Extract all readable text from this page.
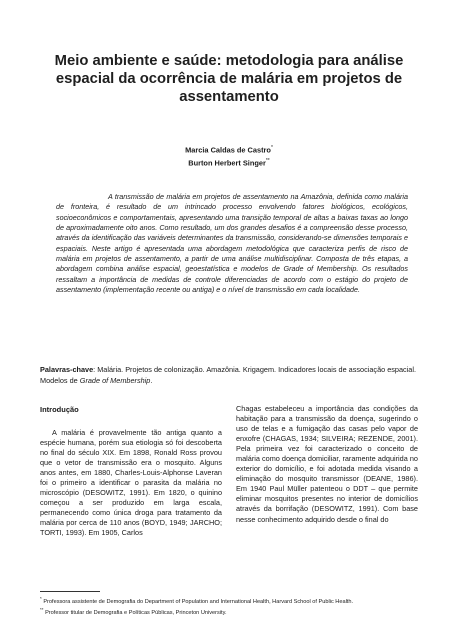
Meio ambiente e saúde: metodologia para análise espacial da ocorrência de malária em projetos de assentamento
Marcia Caldas de Castro*
Burton Herbert Singer**

A transmissão de malária em projetos de assentamento na Amazônia, definida como malária de fronteira, é resultado de um intrincado processo envolvendo fatores biológicos, ecológicos, socioeconômicos e comportamentais, apresentando uma transição temporal de altas a baixas taxas ao longo de aproximadamente oito anos. Como resultado, um dos grandes desafios é a compreensão desse processo, através da identificação das variáveis determinantes da transmissão, considerando-se dimensões temporais e espaciais. Neste artigo é apresentada uma abordagem metodológica que caracteriza perfis de risco de malária em projetos de assentamento, a partir de uma análise multidisciplinar. Composta de três etapas, a abordagem combina análise espacial, geoestatística e modelos de Grade of Membership. Os resultados ressaltam a importância de medidas de controle diferenciadas de acordo com o estágio do projeto de assentamento (implementação recente ou antiga) e o nível de transmissão em cada localidade.

Palavras-chave: Malária. Projetos de colonização. Amazônia. Krigagem. Indicadores locais de associação espacial. Modelos de Grade of Membership.

Introdução

A malária é provavelmente tão antiga quanto a espécie humana, porém sua etiologia só foi descoberta no final do século XIX. Em 1898, Ronald Ross provou que o vetor de transmissão era o mosquito. Alguns anos antes, em 1880, Charles-Louis-Alphonse Laveran foi o primeiro a identificar o parasita da malária no microscópio (DESOWITZ, 1991). Em 1820, o quinino começou a ser produzido em larga escala, permanecendo como única droga para tratamento da malária por cerca de 110 anos (BOYD, 1949; JARCHO; TORTI, 1993). Em 1905, Carlos

Chagas estabeleceu a importância das condições da habitação para a transmissão da doença, sugerindo o uso de telas e a fumigação das casas pelo vapor de enxofre (CHAGAS, 1934; SILVEIRA; REZENDE, 2001). Pela primeira vez foi caracterizado o conceito de malária como doença domiciliar, raramente adquirida no exterior do domicílio, e foi adotada medida visando a eliminação do mosquito transmissor (DEANE, 1986). Em 1940 Paul Müller patenteou o DDT – que permite eliminar mosquitos presentes no interior de domicílios através da borrifação (DESOWITZ, 1991). Com base nesse conhecimento adquirido desde o final do

* Professora assistente de Demografia do Department of Population and International Health, Harvard School of Public Health.

** Professor titular de Demografia e Políticas Públicas, Princeton University.
